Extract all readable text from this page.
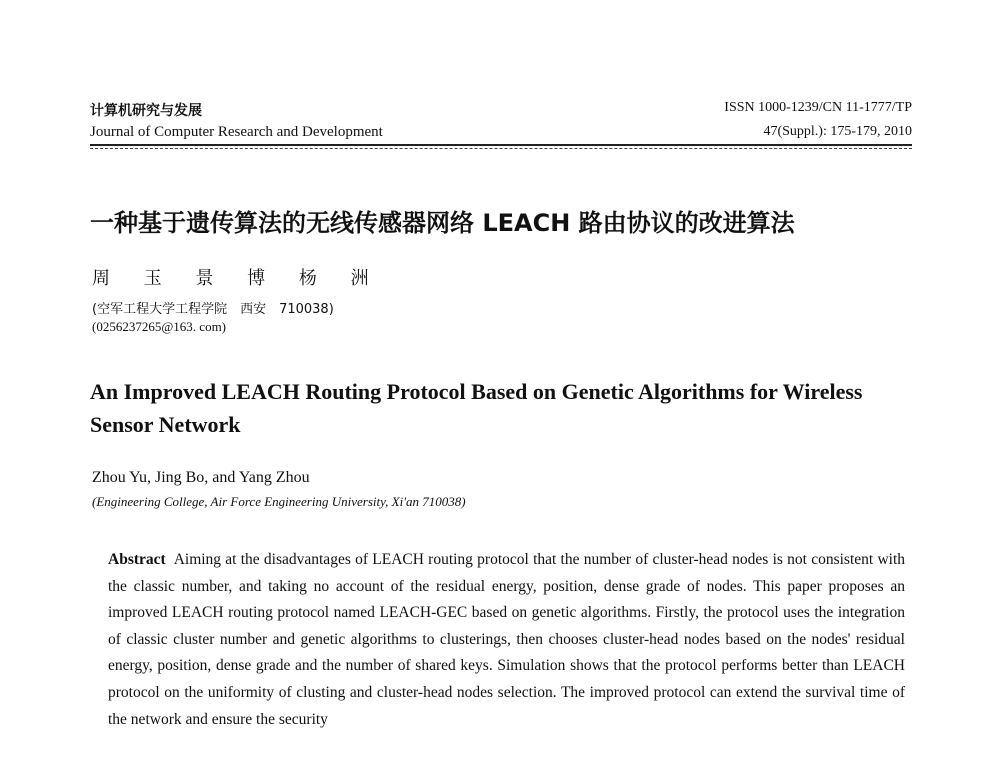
计算机研究与发展
Journal of Computer Research and Development
ISSN 1000-1239/CN 11-1777/TP
47(Suppl.): 175-179, 2010
一种基于遗传算法的无线传感器网络 LEACH 路由协议的改进算法
周 玉 景 博 杨 洲
(空军工程大学工程学院　西安　710038)
(0256237265@163. com)
An Improved LEACH Routing Protocol Based on Genetic Algorithms for Wireless Sensor Network
Zhou Yu, Jing Bo, and Yang Zhou
(Engineering College, Air Force Engineering University, Xi'an 710038)
Abstract Aiming at the disadvantages of LEACH routing protocol that the number of cluster-head nodes is not consistent with the classic number, and taking no account of the residual energy, position, dense grade of nodes. This paper proposes an improved LEACH routing protocol named LEACH-GEC based on genetic algorithms. Firstly, the protocol uses the integration of classic cluster number and genetic algorithms to clusterings, then chooses cluster-head nodes based on the nodes' residual energy, position, dense grade and the number of shared keys. Simulation shows that the protocol performs better than LEACH protocol on the uniformity of clusting and cluster-head nodes selection. The improved protocol can extend the survival time of the network and ensure the security
